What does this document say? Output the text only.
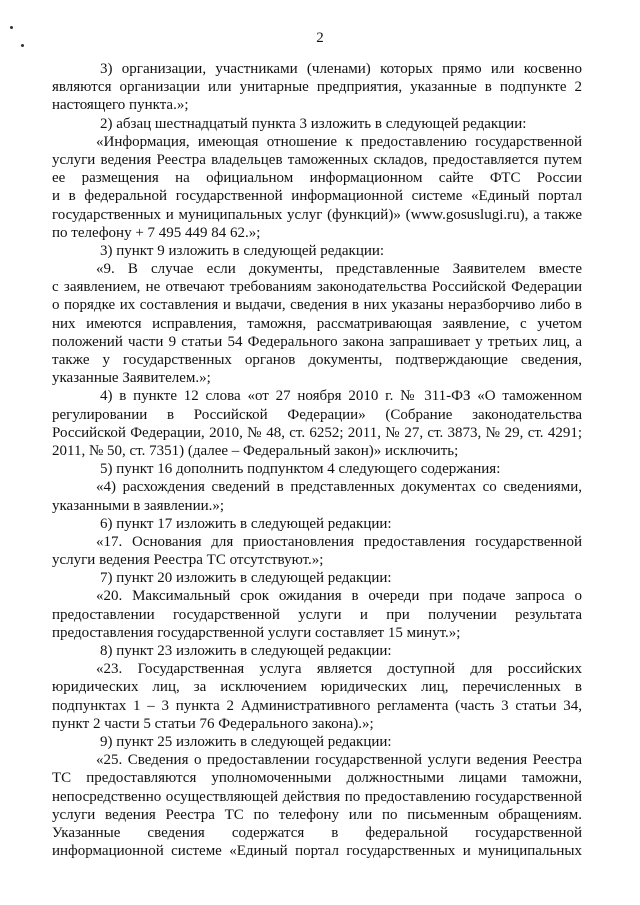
2
3) организации, участниками (членами) которых прямо или косвенно
являются организации или унитарные предприятия, указанные в подпункте 2
настоящего пункта.»;
2) абзац шестнадцатый пункта 3 изложить в следующей редакции:
«Информация, имеющая отношение к предоставлению государственной
услуги ведения Реестра владельцев таможенных складов, предоставляется путем
ее размещения на официальном информационном сайте ФТС России
и в федеральной государственной информационной системе «Единый портал
государственных и муниципальных услуг (функций)» (www.gosuslugi.ru), а также
по телефону + 7 495 449 84 62.»;
3) пункт 9 изложить в следующей редакции:
«9. В случае если документы, представленные Заявителем вместе
с заявлением, не отвечают требованиям законодательства Российской Федерации
о порядке их составления и выдачи, сведения в них указаны неразборчиво либо в
них имеются исправления, таможня, рассматривающая заявление, с учетом
положений части 9 статьи 54 Федерального закона запрашивает у третьих лиц, а
также у государственных органов документы, подтверждающие сведения,
указанные Заявителем.»;
4) в пункте 12 слова «от 27 ноября 2010 г. № 311-ФЗ «О таможенном
регулировании в Российской Федерации» (Собрание законодательства
Российской Федерации, 2010, № 48, ст. 6252; 2011, № 27, ст. 3873, № 29, ст. 4291;
2011, № 50, ст. 7351) (далее – Федеральный закон)» исключить;
5) пункт 16 дополнить подпунктом 4 следующего содержания:
«4) расхождения сведений в представленных документах со сведениями,
указанными в заявлении.»;
6) пункт 17 изложить в следующей редакции:
«17. Основания для приостановления предоставления государственной
услуги ведения Реестра ТС отсутствуют.»;
7) пункт 20 изложить в следующей редакции:
«20. Максимальный срок ожидания в очереди при подаче запроса о
предоставлении государственной услуги и при получении результата
предоставления государственной услуги составляет 15 минут.»;
8) пункт 23 изложить в следующей редакции:
«23. Государственная услуга является доступной для российских
юридических лиц, за исключением юридических лиц, перечисленных в
подпунктах 1 – 3 пункта 2 Административного регламента (часть 3 статьи 34,
пункт 2 части 5 статьи 76 Федерального закона).»;
9) пункт 25 изложить в следующей редакции:
«25. Сведения о предоставлении государственной услуги ведения Реестра
ТС предоставляются уполномоченными должностными лицами таможни,
непосредственно осуществляющей действия по предоставлению государственной
услуги ведения Реестра ТС по телефону или по письменным обращениям.
Указанные сведения содержатся в федеральной государственной
информационной системе «Единый портал государственных и муниципальных
